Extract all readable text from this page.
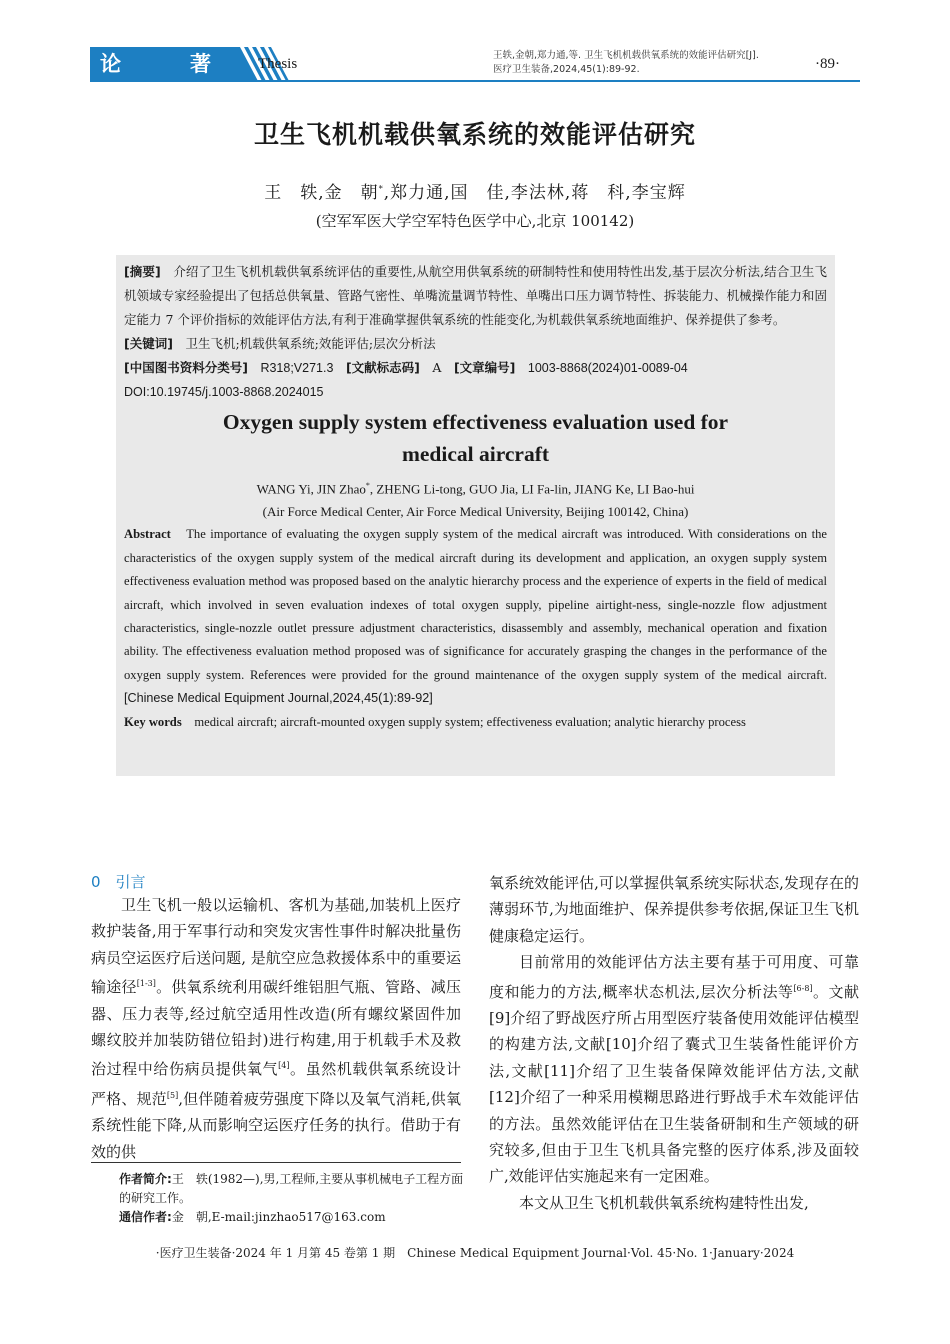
论	著	Thesis
王轶,金朝,郑力通,等. 卫生飞机机载供氧系统的效能评估研究[J].
医疗卫生装备,2024,45(1):89-92.	·89·
卫生飞机机载供氧系统的效能评估研究
王　轶,金　朝*,郑力通,国　佳,李法林,蒋　科,李宝辉
(空军军医大学空军特色医学中心,北京 100142)

[摘要]　 介绍了卫生飞机机载供氧系统评估的重要性,从航空用供氧系统的研制特性和使用特性出发,基于层次分析法,结合卫生飞机领域专家经验提出了包括总供氧量、管路气密性、单嘴流量调节特性、单嘴出口压力调节特性、拆装能力、机械操作能力和固定能力 7 个评价指标的效能评估方法,有利于准确掌握供氧系统的性能变化,为机载供氧系统地面维护、保养提供了参考。

[关键词]　 卫生飞机;机载供氧系统;效能评估;层次分析法

[中国图书资料分类号]　 R318;V271.3　 [文献标志码]　 A　 [文章编号]　 1003-8868(2024)01-0089-04

DOI:10.19745/j.1003-8868.2024015

Oxygen supply system effectiveness evaluation used for
medical aircraft

WANG Yi, JIN Zhao*, ZHENG Li-tong, GUO Jia, LI Fa-lin, JIANG Ke, LI Bao-hui

(Air Force Medical Center, Air Force Medical University, Beijing 100142, China)

Abstract　 The importance of evaluating the oxygen supply system of the medical aircraft was introduced. With considerations on the characteristics of the oxygen supply system of the medical aircraft during its development and application, an oxygen supply system effectiveness evaluation method was proposed based on the analytic hierarchy process and the experience of experts in the field of medical aircraft, which involved in seven evaluation indexes of total oxygen supply, pipeline airtight-ness, single-nozzle flow adjustment characteristics, single-nozzle outlet pressure adjustment characteristics, disassembly and assembly, mechanical operation and fixation ability. The effectiveness evaluation method proposed was of significance for accurately grasping the changes in the performance of the oxygen supply system. References were provided for the ground maintenance of the oxygen supply system of the medical aircraft. [Chinese Medical Equipment Journal,2024,45(1):89-92]

Key words　 medical aircraft; aircraft-mounted oxygen supply system; effectiveness evaluation; analytic hierarchy process

0　引言

卫生飞机一般以运输机、客机为基础,加装机上医疗救护装备,用于军事行动和突发灾害性事件时解决批量伤病员空运医疗后送问题, 是航空应急救援体系中的重要运输途径[1-3]。供氧系统利用碳纤维铝胆气瓶、管路、减压器、压力表等,经过航空适用性改造(所有螺纹紧固件加螺纹胶并加装防错位铅封)进行构建,用于机载手术及救治过程中给伤病员提供氧气[4]。虽然机载供氧系统设计严格、规范[5],但伴随着疲劳强度下降以及氧气消耗,供氧系统性能下降,从而影响空运医疗任务的执行。借助于有效的供

氧系统效能评估,可以掌握供氧系统实际状态,发现存在的薄弱环节,为地面维护、保养提供参考依据,保证卫生飞机健康稳定运行。

目前常用的效能评估方法主要有基于可用度、可靠度和能力的方法,概率状态机法,层次分析法等[6-8]。文献[9]介绍了野战医疗所占用型医疗装备使用效能评估模型的构建方法,文献[10]介绍了囊式卫生装备性能评价方法,文献[11]介绍了卫生装备保障效能评估方法,文献[12]介绍了一种采用模糊思路进行野战手术车效能评估的方法。虽然效能评估在卫生装备研制和生产领域的研究较多,但由于卫生飞机具备完整的医疗体系,涉及面较广,效能评估实施起来有一定困难。

本文从卫生飞机机载供氧系统构建特性出发,

作者简介:王　轶(1982—),男,工程师,主要从事机械电子工程方面的研究工作。

通信作者:金　朝,E-mail:jinzhao517@163.com

·医疗卫生装备·2024 年 1 月第 45 卷第 1 期　Chinese Medical Equipment Journal·Vol. 45·No. 1·January·2024
